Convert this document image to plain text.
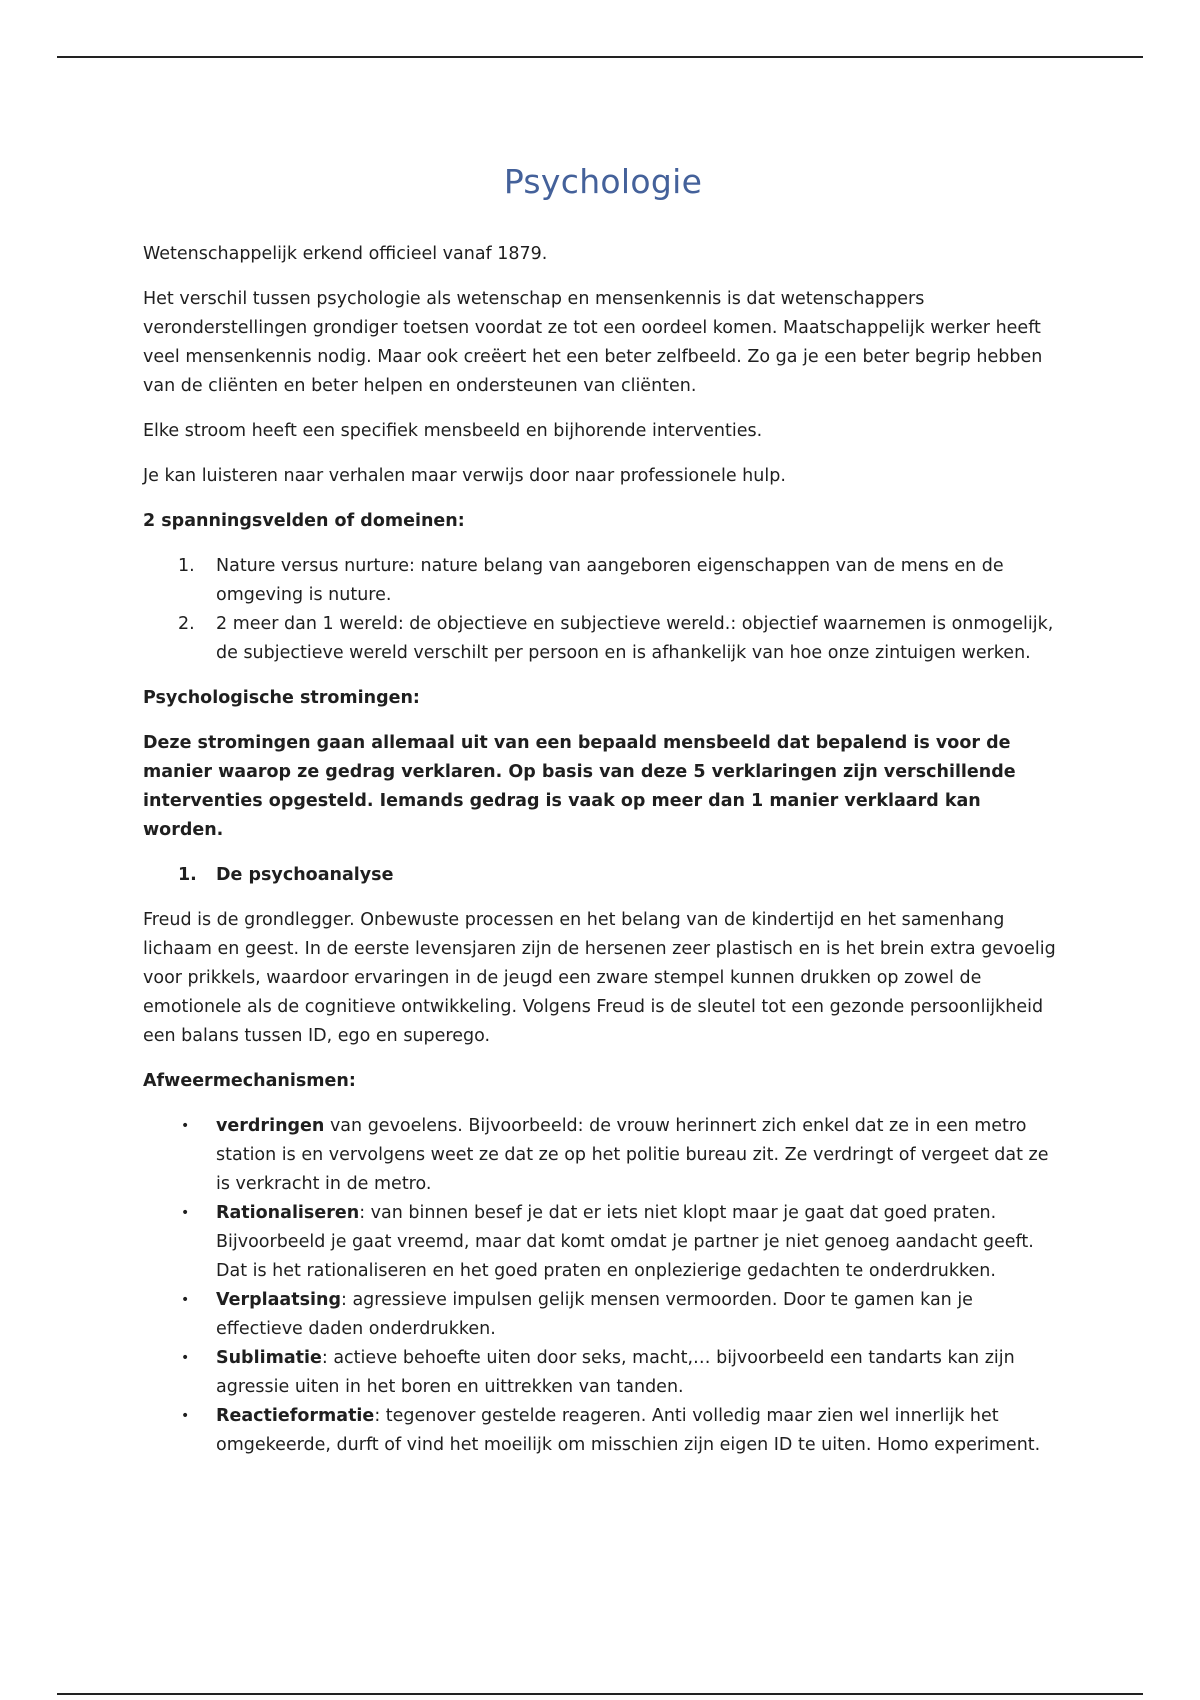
Psychologie

Wetenschappelijk erkend officieel vanaf 1879.

Het verschil tussen psychologie als wetenschap en mensenkennis is dat wetenschappers veronderstellingen grondiger toetsen voordat ze tot een oordeel komen. Maatschappelijk werker heeft veel mensenkennis nodig. Maar ook creëert het een beter zelfbeeld. Zo ga je een beter begrip hebben van de cliënten en beter helpen en ondersteunen van cliënten.

Elke stroom heeft een specifiek mensbeeld en bijhorende interventies.

Je kan luisteren naar verhalen maar verwijs door naar professionele hulp.

2 spanningsvelden of domeinen:

1. Nature versus nurture: nature belang van aangeboren eigenschappen van de mens en de omgeving is nuture.
2. 2 meer dan 1 wereld: de objectieve en subjectieve wereld.: objectief waarnemen is onmogelijk, de subjectieve wereld verschilt per persoon en is afhankelijk van hoe onze zintuigen werken.

Psychologische stromingen:

Deze stromingen gaan allemaal uit van een bepaald mensbeeld dat bepalend is voor de manier waarop ze gedrag verklaren. Op basis van deze 5 verklaringen zijn verschillende interventies opgesteld. Iemands gedrag is vaak op meer dan 1 manier verklaard kan worden.

1. De psychoanalyse

Freud is de grondlegger. Onbewuste processen en het belang van de kindertijd en het samenhang lichaam en geest. In de eerste levensjaren zijn de hersenen zeer plastisch en is het brein extra gevoelig voor prikkels, waardoor ervaringen in de jeugd een zware stempel kunnen drukken op zowel de emotionele als de cognitieve ontwikkeling. Volgens Freud is de sleutel tot een gezonde persoonlijkheid een balans tussen ID, ego en superego.

Afweermechanismen:

• verdringen van gevoelens. Bijvoorbeeld: de vrouw herinnert zich enkel dat ze in een metro station is en vervolgens weet ze dat ze op het politie bureau zit. Ze verdringt of vergeet dat ze is verkracht in de metro.
• Rationaliseren: van binnen besef je dat er iets niet klopt maar je gaat dat goed praten. Bijvoorbeeld je gaat vreemd, maar dat komt omdat je partner je niet genoeg aandacht geeft. Dat is het rationaliseren en het goed praten en onplezierige gedachten te onderdrukken.
• Verplaatsing: agressieve impulsen gelijk mensen vermoorden. Door te gamen kan je effectieve daden onderdrukken.
• Sublimatie: actieve behoefte uiten door seks, macht,… bijvoorbeeld een tandarts kan zijn agressie uiten in het boren en uittrekken van tanden.
• Reactieformatie: tegenover gestelde reageren. Anti volledig maar zien wel innerlijk het omgekeerde, durft of vind het moeilijk om misschien zijn eigen ID te uiten. Homo experiment.
